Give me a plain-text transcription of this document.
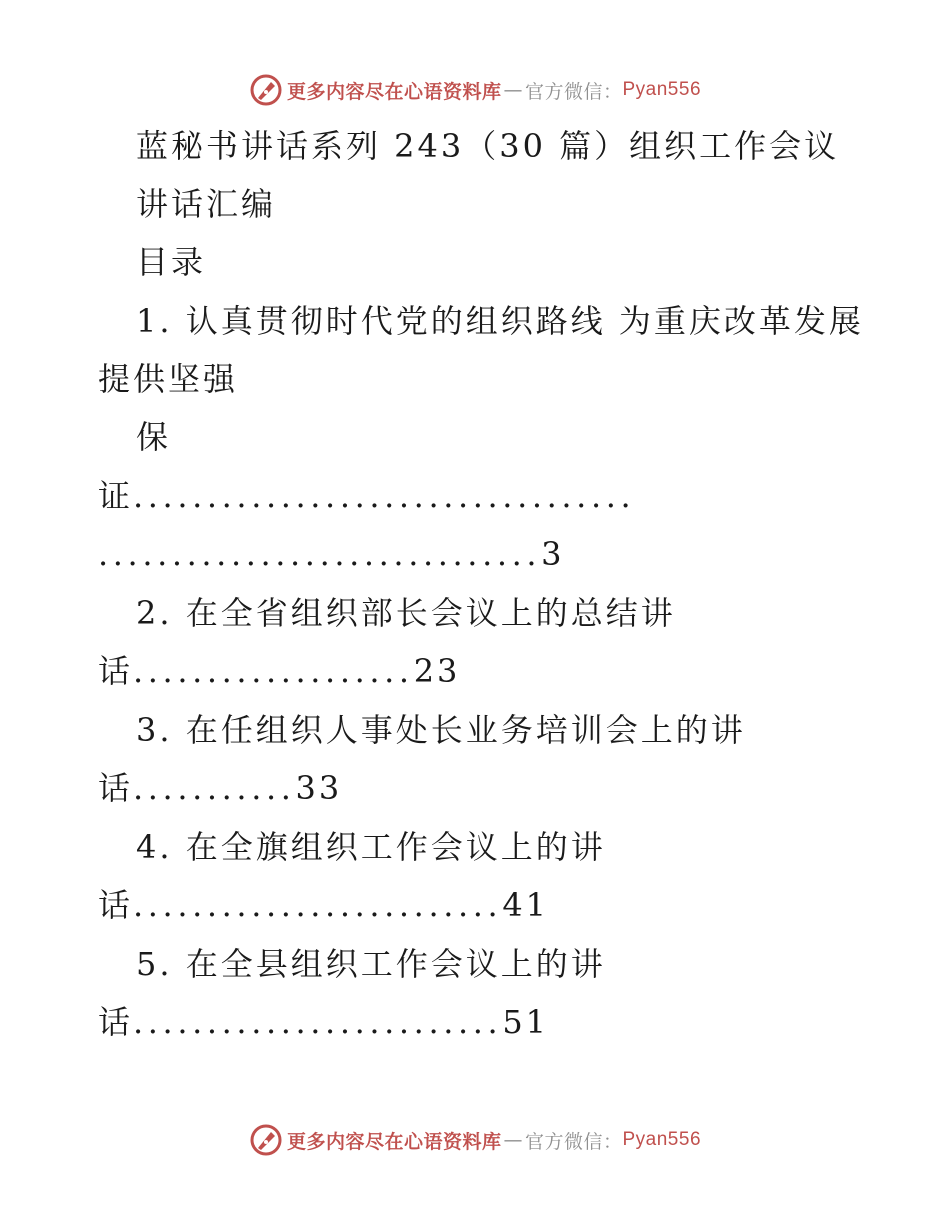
更多内容尽在心语资料库 — 官方微信： Pyan556
蓝秘书讲话系列 243（30 篇）组织工作会议
讲话汇编
目录
1. 认真贯彻时代党的组织路线 为重庆改革发展
提供坚强
保
证..................................
..............................3
2. 在全省组织部长会议上的总结讲
话...................23
3. 在任组织人事处长业务培训会上的讲
话...........33
4. 在全旗组织工作会议上的讲
话.........................41
5. 在全县组织工作会议上的讲
话.........................51
更多内容尽在心语资料库 — 官方微信： Pyan556
